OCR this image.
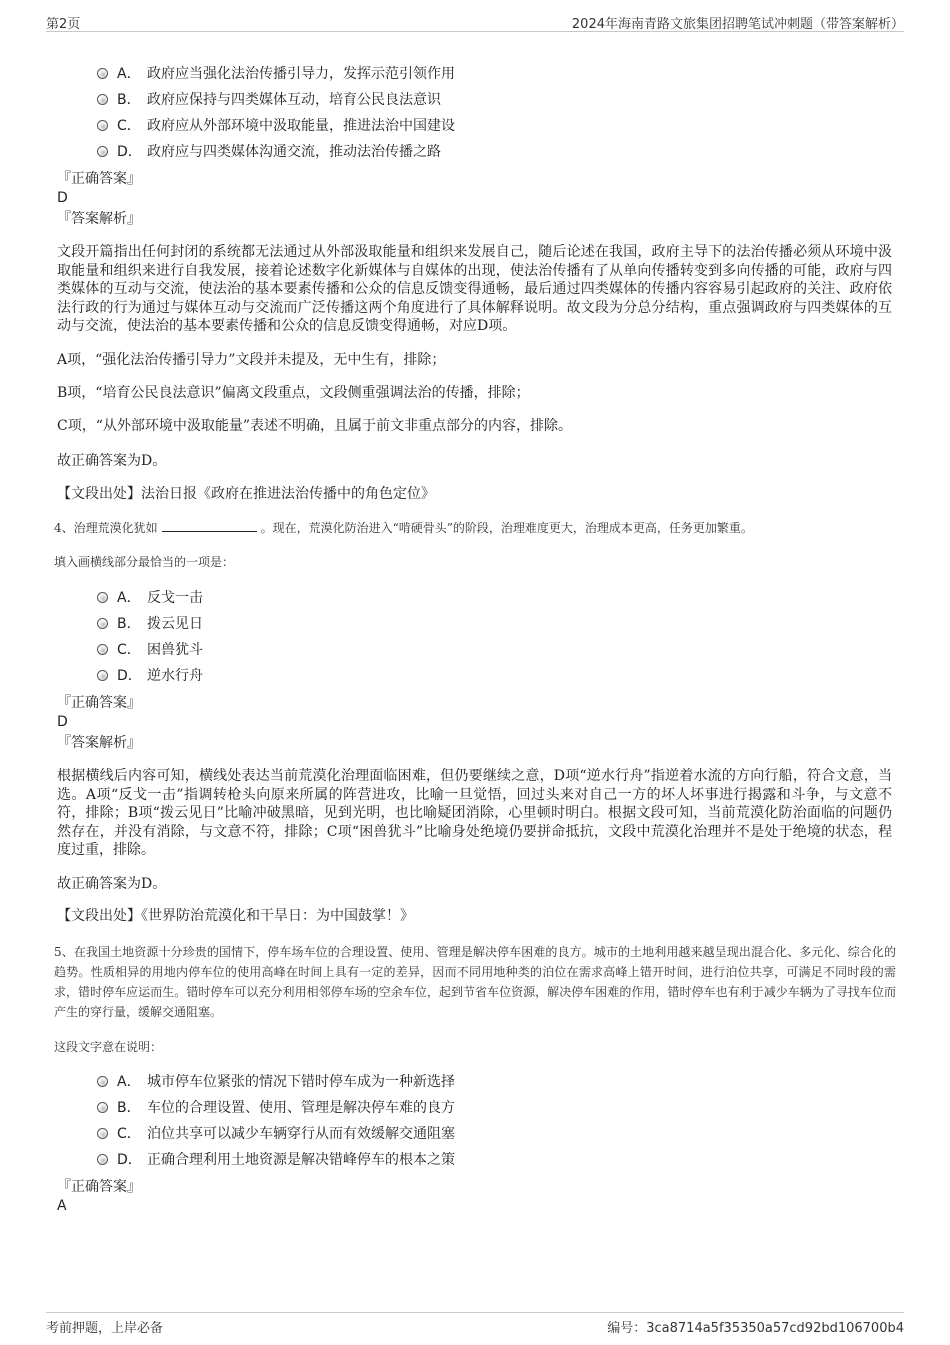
第2页	2024年海南青路文旅集团招聘笔试冲刺题（带答案解析）
A． 政府应当强化法治传播引导力，发挥示范引领作用
B． 政府应保持与四类媒体互动，培育公民良法意识
C． 政府应从外部环境中汲取能量，推进法治中国建设
D． 政府应与四类媒体沟通交流，推动法治传播之路
『正确答案』
D
『答案解析』
文段开篇指出任何封闭的系统都无法通过从外部汲取能量和组织来发展自己，随后论述在我国，政府主导下的法治传播必须从环境中汲取能量和组织来进行自我发展，接着论述数字化新媒体与自媒体的出现，使法治传播有了从单向传播转变到多向传播的可能，政府与四类媒体的互动与交流，使法治的基本要素传播和公众的信息反馈变得通畅，最后通过四类媒体的传播内容容易引起政府的关注、政府依法行政的行为通过与媒体互动与交流而广泛传播这两个角度进行了具体解释说明。故文段为分总分结构，重点强调政府与四类媒体的互动与交流，使法治的基本要素传播和公众的信息反馈变得通畅，对应D项。
A项，“强化法治传播引导力”文段并未提及，无中生有，排除；
B项，“培育公民良法意识”偏离文段重点，文段侧重强调法治的传播，排除；
C项，“从外部环境中汲取能量”表述不明确，且属于前文非重点部分的内容，排除。
故正确答案为D。
【文段出处】法治日报《政府在推进法治传播中的角色定位》
4、治理荒漠化犹如	。现在，荒漠化防治进入“啃硬骨头”的阶段，治理难度更大，治理成本更高，任务更加繁重。
填入画横线部分最恰当的一项是：
A． 反戈一击
B． 拨云见日
C． 困兽犹斗
D． 逆水行舟
『正确答案』
D
『答案解析』
根据横线后内容可知，横线处表达当前荒漠化治理面临困难，但仍要继续之意，D项“逆水行舟”指逆着水流的方向行船，符合文意，当选。A项“反戈一击”指调转枪头向原来所属的阵营进攻，比喻一旦觉悟，回过头来对自己一方的坏人坏事进行揭露和斗争，与文意不符，排除；B项“拨云见日”比喻冲破黑暗，见到光明，也比喻疑团消除，心里顿时明白。根据文段可知，当前荒漠化防治面临的问题仍然存在，并没有消除，与文意不符，排除；C项“困兽犹斗”比喻身处绝境仍要拼命抵抗，文段中荒漠化治理并不是处于绝境的状态，程度过重，排除。
故正确答案为D。
【文段出处】《世界防治荒漠化和干旱日：为中国鼓掌！》
5、在我国土地资源十分珍贵的国情下，停车场车位的合理设置、使用、管理是解决停车困难的良方。城市的土地利用越来越呈现出混合化、多元化、综合化的趋势。性质相异的用地内停车位的使用高峰在时间上具有一定的差异，因而不同用地种类的泊位在需求高峰上错开时间，进行泊位共享，可满足不同时段的需求，错时停车应运而生。错时停车可以充分利用相邻停车场的空余车位，起到节省车位资源，解决停车困难的作用，错时停车也有利于减少车辆为了寻找车位而产生的穿行量，缓解交通阻塞。
这段文字意在说明：
A． 城市停车位紧张的情况下错时停车成为一种新选择
B． 车位的合理设置、使用、管理是解决停车难的良方
C． 泊位共享可以减少车辆穿行从而有效缓解交通阻塞
D． 正确合理利用土地资源是解决错峰停车的根本之策
『正确答案』
A
考前押题，上岸必备	编号：3ca8714a5f35350a57cd92bd106700b4
